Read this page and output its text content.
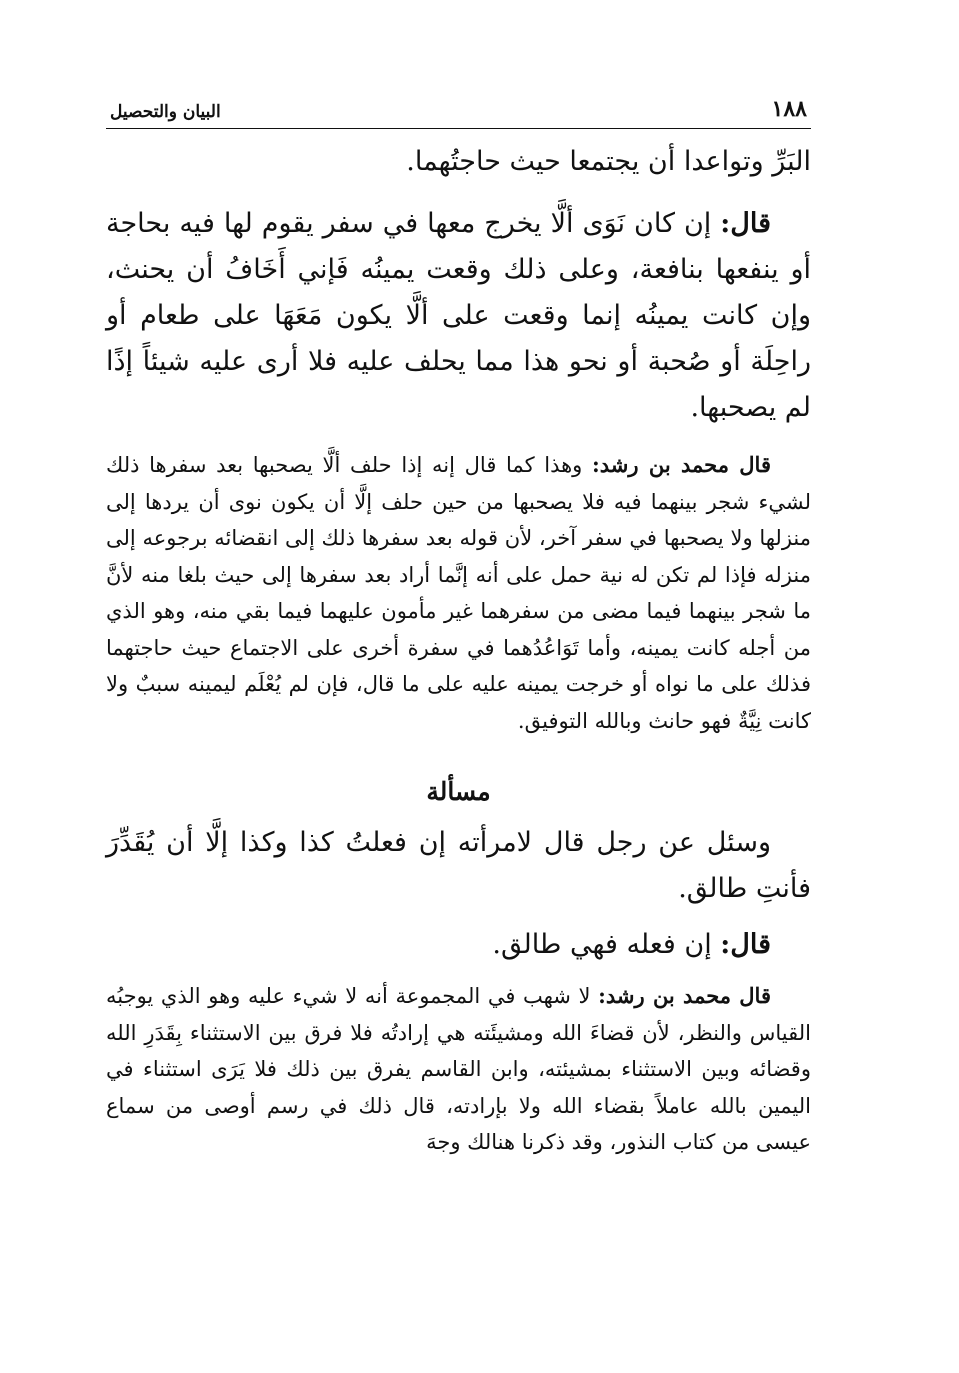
١٨٨
البيان والتحصيل

البَرِّ وتواعدا أن يجتمعا حيث حاجتُهما.

قال: إن كان نَوَى ألَّا يخرج معها في سفر يقوم لها فيه بحاجة أو ينفعها بنافعة، وعلى ذلك وقعت يمينُه فَإني أَخَافُ أن يحنث، وإن كانت يمينُه إنما وقعت على ألَّا يكون مَعَهَا على طعام أو راحِلَة أو صُحبة أو نحو هذا مما يحلف عليه فلا أرى عليه شيئاً إذًا لم يصحبها.

قال محمد بن رشد: وهذا كما قال إنه إذا حلف ألَّا يصحبها بعد سفرها ذلك لشيء شجر بينهما فيه فلا يصحبها من حين حلف إلَّا أن يكون نوى أن يردها إلى منزلها ولا يصحبها في سفر آخر، لأن قوله بعد سفرها ذلك إلى انقضائه برجوعه إلى منزله فإذا لم تكن له نية حمل على أنه إنَّما أراد بعد سفرها إلى حيث بلغا منه لأنَّ ما شجر بينهما فيما مضى من سفرهما غير مأمون عليهما فيما بقي منه، وهو الذي من أجله كانت يمينه، وأما تَوَاعُدُهما في سفرة أخرى على الاجتماع حيث حاجتهما فذلك على ما نواه أو خرجت يمينه عليه على ما قال، فإن لم يُعْلَم ليمينه سببٌ ولا كانت نِيَّةٌ فهو حانث وبالله التوفيق.

مسألة

وسئل عن رجل قال لامرأته إن فعلتُ كذا وكذا إلَّا أن يُقَدِّرَ فأنتِ طالق.

قال: إن فعله فهي طالق.

قال محمد بن رشد: لا شهب في المجموعة أنه لا شيء عليه وهو الذي يوجبُه القياس والنظر، لأن قضاءَ الله ومشيئَته هي إرادتُه فلا فرق بين الاستثناء بِقَدَرِ الله وقضائه وبين الاستثناء بمشيئته، وابن القاسم يفرق بين ذلك فلا يَرَى استثناء في اليمين بالله عاملاً بقضاء الله ولا بإرادته، قال ذلك في رسم أوصى من سماع عيسى من كتاب النذور، وقد ذكرنا هنالك وجهَ
